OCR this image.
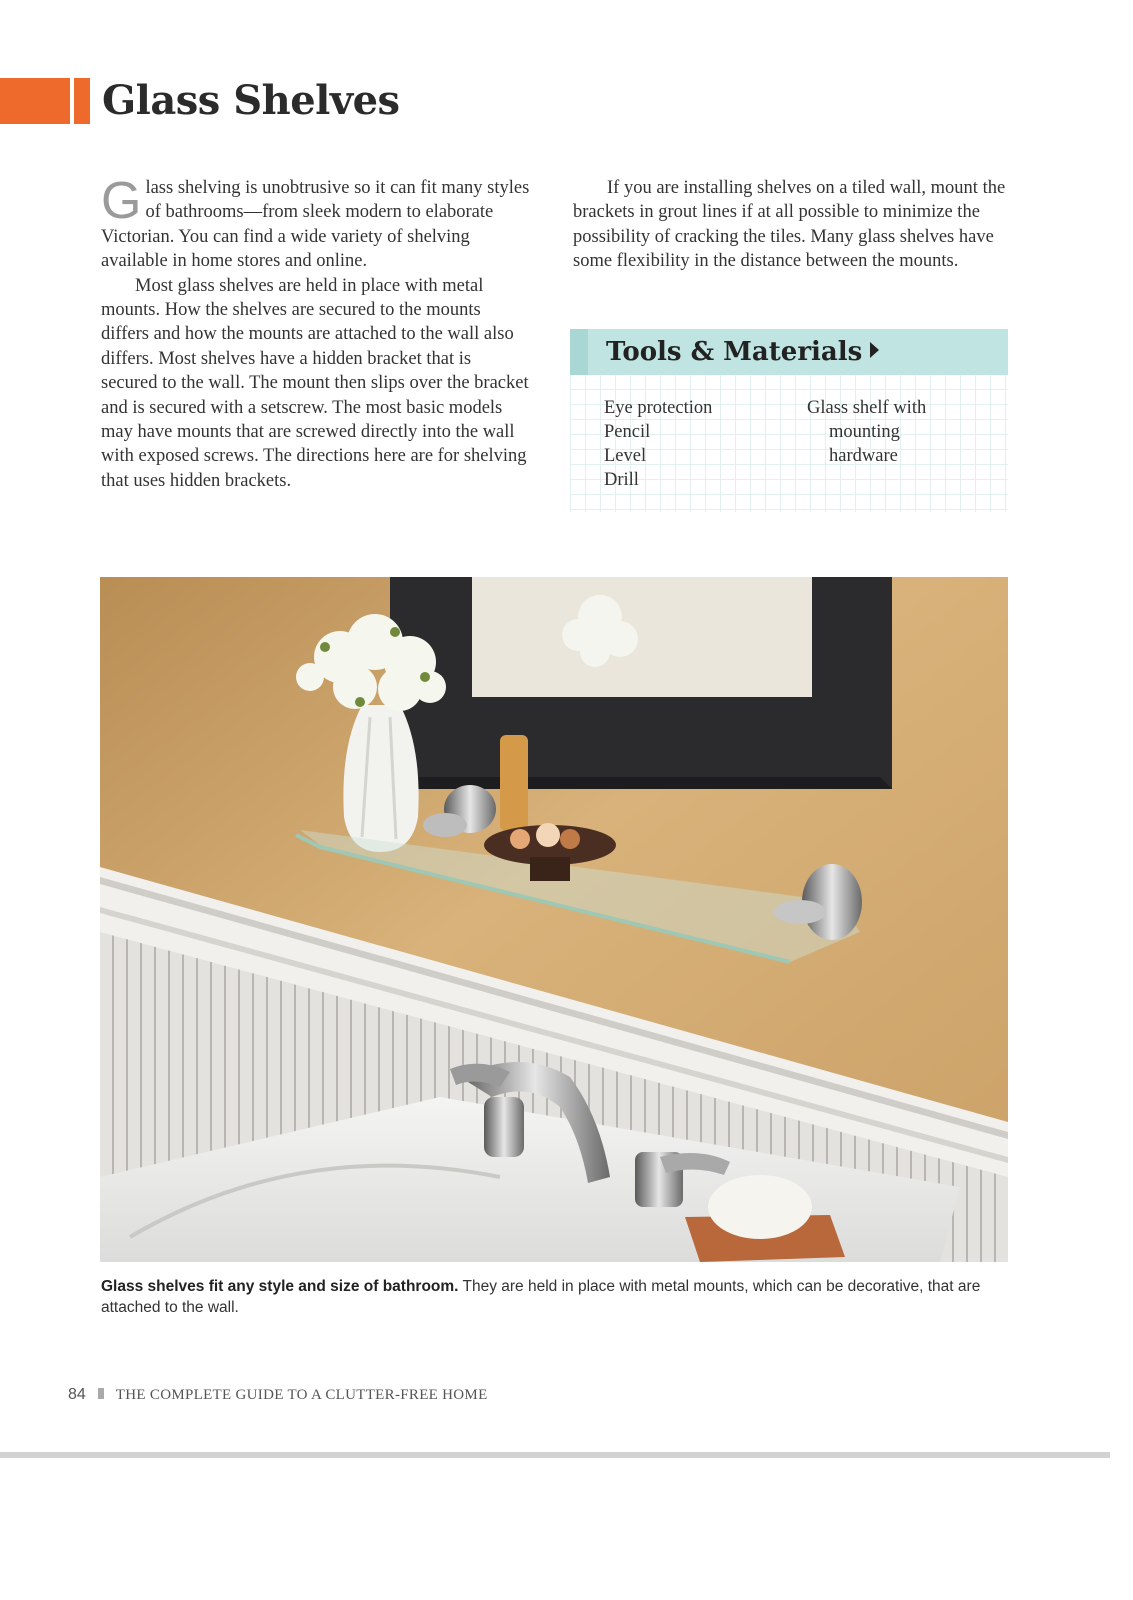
Glass Shelves

Glass shelving is unobtrusive so it can fit many styles of bathrooms—from sleek modern to elaborate Victorian. You can find a wide variety of shelving available in home stores and online.

Most glass shelves are held in place with metal mounts. How the shelves are secured to the mounts differs and how the mounts are attached to the wall also differs. Most shelves have a hidden bracket that is secured to the wall. The mount then slips over the bracket and is secured with a setscrew. The most basic models may have mounts that are screwed directly into the wall with exposed screws. The directions here are for shelving that uses hidden brackets.

If you are installing shelves on a tiled wall, mount the brackets in grout lines if at all possible to minimize the possibility of cracking the tiles. Many glass shelves have some flexibility in the distance between the mounts.

Tools & Materials
Eye protection
Pencil
Level
Drill
Glass shelf with
mounting
hardware
Glass shelves fit any style and size of bathroom. They are held in place with metal mounts, which can be decorative, that are attached to the wall.
84 THE COMPLETE GUIDE TO A CLUTTER-FREE HOME
